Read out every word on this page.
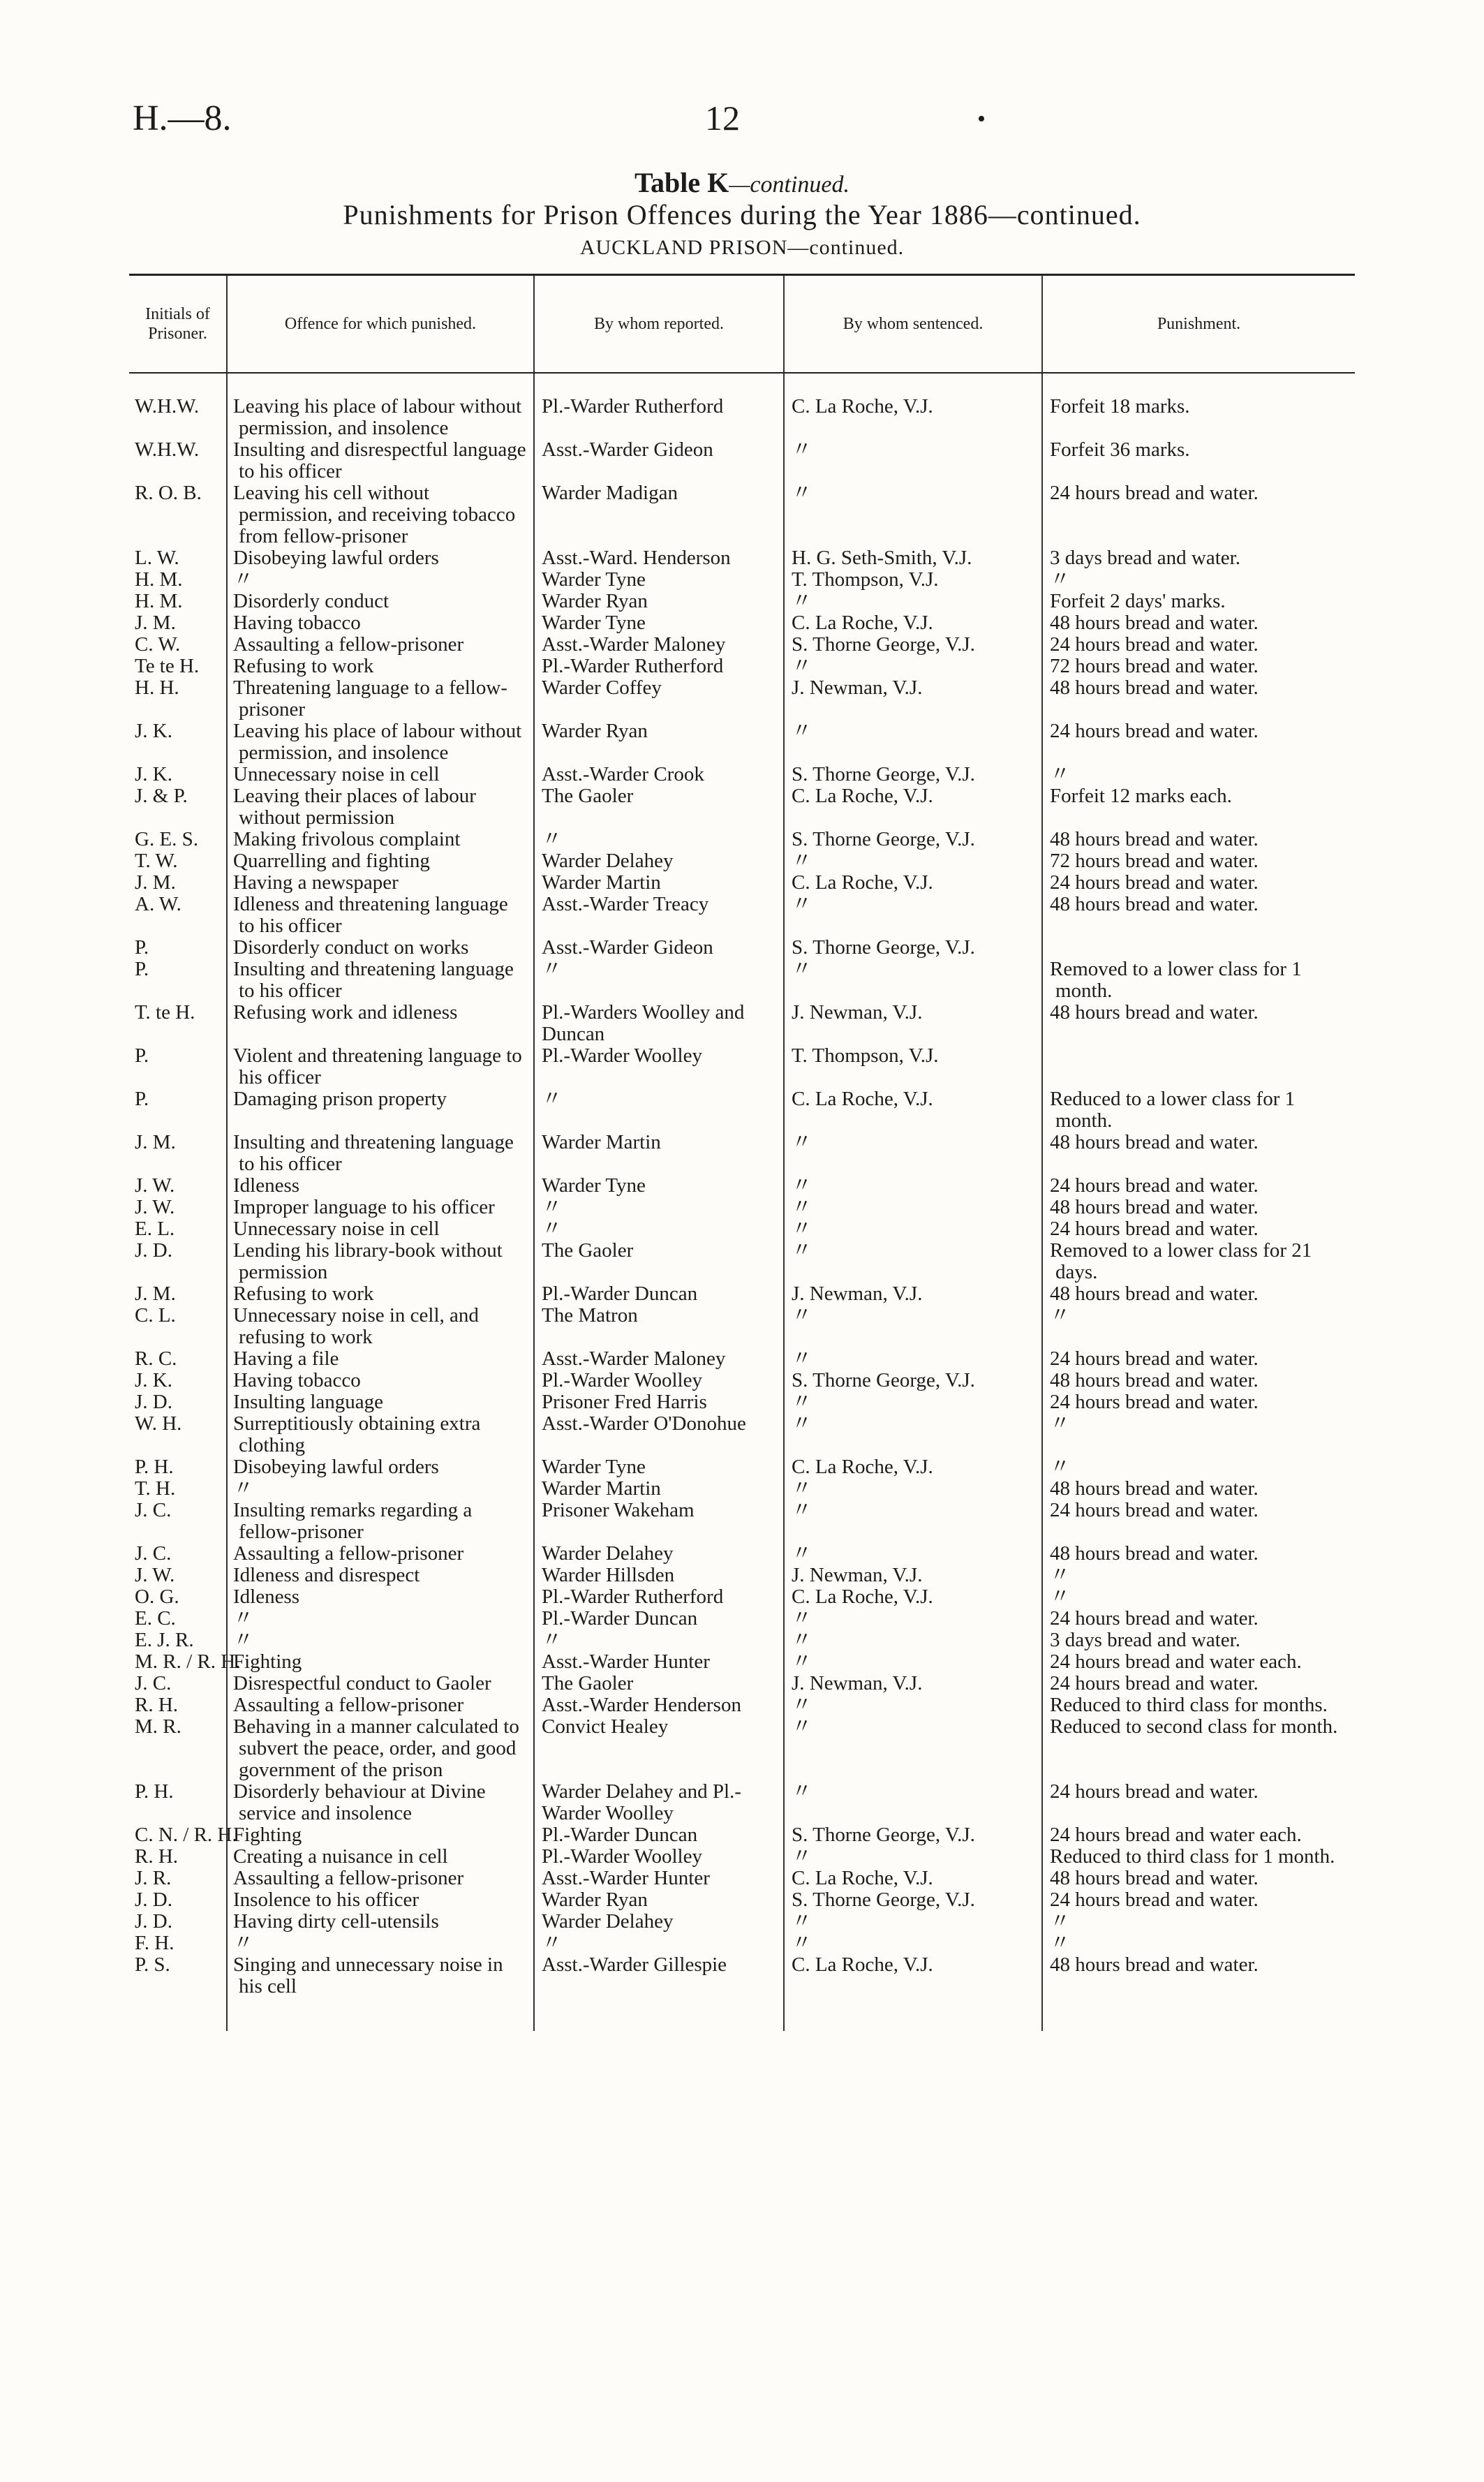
H.—8.	12	•
Table K—continued.
Punishments for Prison Offences during the Year 1886—continued.
AUCKLAND PRISON—continued.
Initials of Prisoner.	Offence for which punished.	By whom reported.	By whom sentenced.	Punishment.
W.H.W.	Leaving his place of labour without permission, and insolence	Pl.-Warder Rutherford	C. La Roche, V.J.	Forfeit 18 marks.
W.H.W.	Insulting and disrespectful language to his officer	Asst.-Warder Gideon	〃	Forfeit 36 marks.
R. O. B.	Leaving his cell without permission, and receiving tobacco from fellow-prisoner	Warder Madigan	〃	24 hours bread and water.
L. W.	Disobeying lawful orders	Asst.-Ward. Henderson	H. G. Seth-Smith, V.J.	3 days bread and water.
H. M.	〃	Warder Tyne	T. Thompson, V.J.	〃
H. M.	Disorderly conduct	Warder Ryan	〃	Forfeit 2 days' marks.
J. M.	Having tobacco	Warder Tyne	C. La Roche, V.J.	48 hours bread and water.
C. W.	Assaulting a fellow-prisoner	Asst.-Warder Maloney	S. Thorne George, V.J.	24 hours bread and water.
Te te H.	Refusing to work	Pl.-Warder Rutherford	〃	72 hours bread and water.
H. H.	Threatening language to a fellow-prisoner	Warder Coffey	J. Newman, V.J.	48 hours bread and water.
J. K.	Leaving his place of labour without permission, and insolence	Warder Ryan	〃	24 hours bread and water.
J. K.	Unnecessary noise in cell	Asst.-Warder Crook	S. Thorne George, V.J.	〃
J. & P.	Leaving their places of labour without permission	The Gaoler	C. La Roche, V.J.	Forfeit 12 marks each.
G. E. S.	Making frivolous complaint	〃	S. Thorne George, V.J.	48 hours bread and water.
T. W.	Quarrelling and fighting	Warder Delahey	〃	72 hours bread and water.
J. M.	Having a newspaper	Warder Martin	C. La Roche, V.J.	24 hours bread and water.
A. W.	Idleness and threatening language to his officer	Asst.-Warder Treacy	〃	48 hours bread and water.
P.	Disorderly conduct on works	Asst.-Warder Gideon	S. Thorne George, V.J.	
P.	Insulting and threatening language to his officer	〃	〃	Removed to a lower class for 1 month.
T. te H.	Refusing work and idleness	Pl.-Warders Woolley and Duncan	J. Newman, V.J.	48 hours bread and water.
P.	Violent and threatening language to his officer	Pl.-Warder Woolley	T. Thompson, V.J.	
P.	Damaging prison property	〃	C. La Roche, V.J.	Reduced to a lower class for 1 month.
J. M.	Insulting and threatening language to his officer	Warder Martin	〃	48 hours bread and water.
J. W.	Idleness	Warder Tyne	〃	24 hours bread and water.
J. W.	Improper language to his officer	〃	〃	48 hours bread and water.
E. L.	Unnecessary noise in cell	〃	〃	24 hours bread and water.
J. D.	Lending his library-book without permission	The Gaoler	〃	Removed to a lower class for 21 days.
J. M.	Refusing to work	Pl.-Warder Duncan	J. Newman, V.J.	48 hours bread and water.
C. L.	Unnecessary noise in cell, and refusing to work	The Matron	〃	〃
R. C.	Having a file	Asst.-Warder Maloney	〃	24 hours bread and water.
J. K.	Having tobacco	Pl.-Warder Woolley	S. Thorne George, V.J.	48 hours bread and water.
J. D.	Insulting language	Prisoner Fred Harris	〃	24 hours bread and water.
W. H.	Surreptitiously obtaining extra clothing	Asst.-Warder O'Donohue	〃	〃
P. H.	Disobeying lawful orders	Warder Tyne	C. La Roche, V.J.	〃
T. H.	〃	Warder Martin	〃	48 hours bread and water.
J. C.	Insulting remarks regarding a fellow-prisoner	Prisoner Wakeham	〃	24 hours bread and water.
J. C.	Assaulting a fellow-prisoner	Warder Delahey	〃	48 hours bread and water.
J. W.	Idleness and disrespect	Warder Hillsden	J. Newman, V.J.	〃
O. G.	Idleness	Pl.-Warder Rutherford	C. La Roche, V.J.	〃
E. C.	〃	Pl.-Warder Duncan	〃	24 hours bread and water.
E. J. R.	〃	〃	〃	3 days bread and water.
M. R. / R. H.	Fighting	Asst.-Warder Hunter	〃	24 hours bread and water each.
J. C.	Disrespectful conduct to Gaoler	The Gaoler	J. Newman, V.J.	24 hours bread and water.
R. H.	Assaulting a fellow-prisoner	Asst.-Warder Henderson	〃	Reduced to third class for months.
M. R.	Behaving in a manner calculated to subvert the peace, order, and good government of the prison	Convict Healey	〃	Reduced to second class for month.
P. H.	Disorderly behaviour at Divine service and insolence	Warder Delahey and Pl.-Warder Woolley	〃	24 hours bread and water.
C. N. / R. H.	Fighting	Pl.-Warder Duncan	S. Thorne George, V.J.	24 hours bread and water each.
R. H.	Creating a nuisance in cell	Pl.-Warder Woolley	〃	Reduced to third class for 1 month.
J. R.	Assaulting a fellow-prisoner	Asst.-Warder Hunter	C. La Roche, V.J.	48 hours bread and water.
J. D.	Insolence to his officer	Warder Ryan	S. Thorne George, V.J.	24 hours bread and water.
J. D.	Having dirty cell-utensils	Warder Delahey	〃	〃
F. H.	〃	〃	〃	〃
P. S.	Singing and unnecessary noise in his cell	Asst.-Warder Gillespie	C. La Roche, V.J.	48 hours bread and water.
